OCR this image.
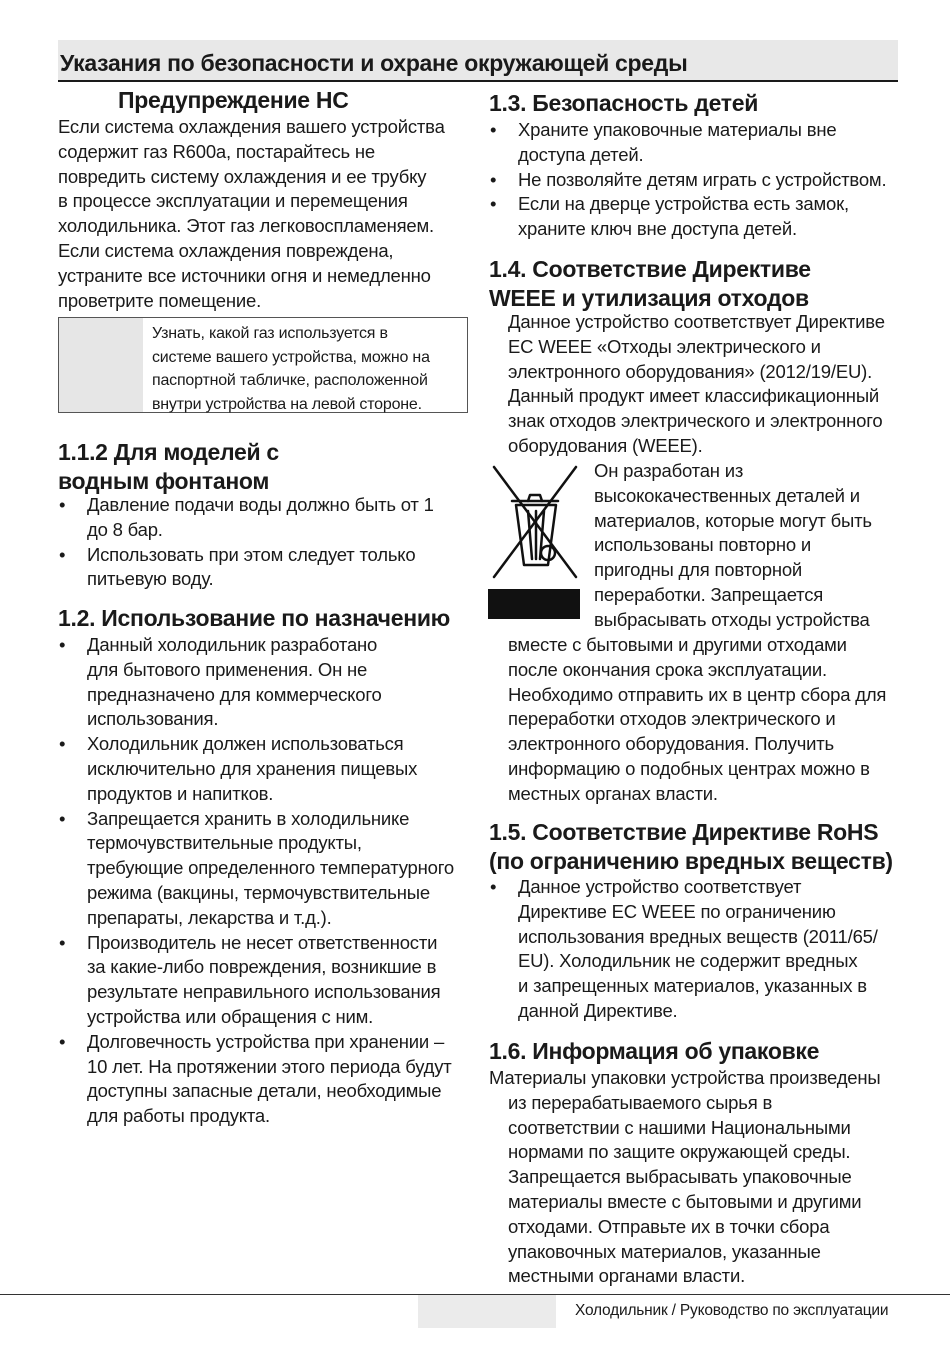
Указания по безопасности и охране окружающей среды
Предупреждение HC

Если система охлаждения вашего устройства

содержит газ R600a, постарайтесь не

повредить систему охлаждения и ее трубку

в процессе эксплуатации и перемещения

холодильника. Этот газ легковоспламеняем.

Если система охлаждения повреждена,

устраните все источники огня и немедленно

проветрите помещение.

Узнать, какой газ используется в
системе вашего устройства, можно на
паспортной табличке, расположенной
внутри устройства на левой стороне.
1.1.2 Для моделей с
водным фонтаном
• Давление подачи воды должно быть от 1
до 8 бар.
• Использовать при этом следует только
питьевую воду.
1.2. Использование по назначению
• Данный холодильник разработано
для бытового применения. Он не
предназначено для коммерческого
использования.
• Холодильник должен использоваться
исключительно для хранения пищевых
продуктов и напитков.
• Запрещается хранить в холодильнике
термочувствительные продукты,
требующие определенного температурного
режима (вакцины, термочувствительные
препараты, лекарства и т.д.).
• Производитель не несет ответственности
за какие-либо повреждения, возникшие в
результате неправильного использования
устройства или обращения с ним.
• Долговечность устройства при хранении –
10 лет. На протяжении этого периода будут
доступны запасные детали, необходимые
для работы продукта.
1.3. Безопасность детей
• Храните упаковочные материалы вне
доступа детей.
• Не позволяйте детям играть с устройством.
• Если на дверце устройства есть замок,
храните ключ вне доступа детей.
1.4. Соответствие Директиве
WEEE и утилизация отходов

Данное устройство соответствует Директиве

ЕС WEEE «Отходы электрического и

электронного оборудования» (2012/19/EU).

Данный продукт имеет классификационный

знак отходов электрического и электронного

оборудования (WEEE).

Он разработан из

высококачественных деталей и

материалов, которые могут быть

использованы повторно и

пригодны для повторной

переработки. Запрещается

выбрасывать отходы устройства

вместе с бытовыми и другими отходами

после окончания срока эксплуатации.

Необходимо отправить их в центр сбора для

переработки отходов электрического и

электронного оборудования. Получить

информацию о подобных центрах можно в

местных органах власти.

1.5. Соответствие Директиве RoHS
(по ограничению вредных веществ)
• Данное устройство соответствует
Директиве ЕС WEEE по ограничению
использования вредных веществ (2011/65/
EU). Холодильник не содержит вредных
и запрещенных материалов, указанных в
данной Директиве.
1.6. Информация об упаковке

Материалы упаковки устройства произведены

из перерабатываемого сырья в

соответствии с нашими Национальными

нормами по защите окружающей среды.

Запрещается выбрасывать упаковочные

материалы вместе с бытовыми и другими

отходами. Отправьте их в точки сбора

упаковочных материалов, указанные

местными органами власти.

Холодильник / Руководство по эксплуатации
